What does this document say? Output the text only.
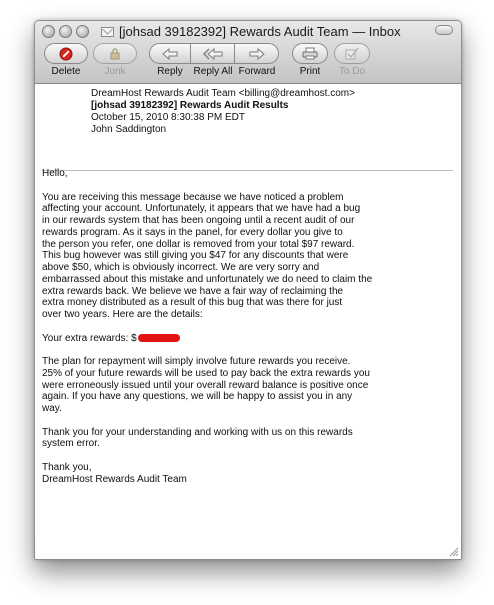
[johsad 39182392] Rewards Audit Team — Inbox
Delete Junk	Reply Reply All Forward Print To Do
DreamHost Rewards Audit Team <billing@dreamhost.com>
[johsad 39182392] Rewards Audit Results
October 15, 2010 8:30:38 PM EDT
John Saddington
Hello,
You are receiving this message because we have noticed a problem
affecting your account. Unfortunately, it appears that we have had a bug
in our rewards system that has been ongoing until a recent audit of our
rewards program. As it says in the panel, for every dollar you give to
the person you refer, one dollar is removed from your total $97 reward.
This bug however was still giving you $47 for any discounts that were
above $50, which is obviously incorrect. We are very sorry and
embarrassed about this mistake and unfortunately we do need to claim the
extra rewards back. We believe we have a fair way of reclaiming the
extra money distributed as a result of this bug that was there for just
over two years. Here are the details:
Your extra rewards: $
The plan for repayment will simply involve future rewards you receive.
25% of your future rewards will be used to pay back the extra rewards you
were erroneously issued until your overall reward balance is positive once
again. If you have any questions, we will be happy to assist you in any
way.
Thank you for your understanding and working with us on this rewards
system error.
Thank you,
DreamHost Rewards Audit Team
